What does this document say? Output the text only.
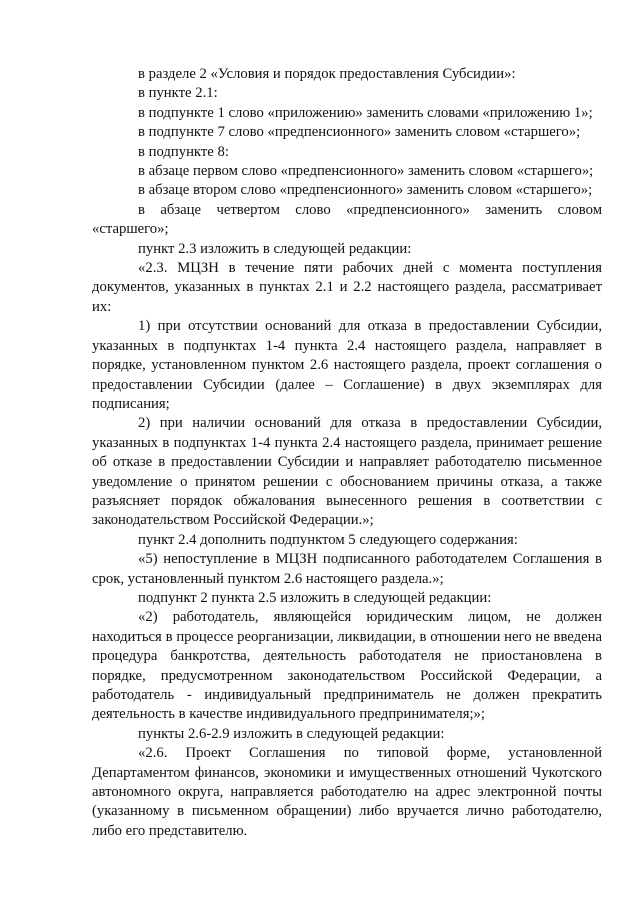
в разделе 2 «Условия и порядок предоставления Субсидии»:

в пункте 2.1:

в подпункте 1 слово «приложению» заменить словами «приложению 1»;

в подпункте 7 слово «предпенсионного» заменить словом «старшего»;

в подпункте 8:

в абзаце первом слово «предпенсионного» заменить словом «старшего»;

в абзаце втором слово «предпенсионного» заменить словом «старшего»;

в абзаце четвертом слово «предпенсионного» заменить словом «старшего»;

пункт 2.3 изложить в следующей редакции:

«2.3. МЦЗН в течение пяти рабочих дней с момента поступления документов, указанных в пунктах 2.1 и 2.2 настоящего раздела, рассматривает их:

1) при отсутствии оснований для отказа в предоставлении Субсидии, указанных в подпунктах 1-4 пункта 2.4 настоящего раздела, направляет в порядке, установленном пунктом 2.6 настоящего раздела, проект соглашения о предоставлении Субсидии (далее – Соглашение) в двух экземплярах для подписания;

2) при наличии оснований для отказа в предоставлении Субсидии, указанных в подпунктах 1-4 пункта 2.4 настоящего раздела, принимает решение об отказе в предоставлении Субсидии и направляет работодателю письменное уведомление о принятом решении с обоснованием причины отказа, а также разъясняет порядок обжалования вынесенного решения в соответствии с законодательством Российской Федерации.»;

пункт 2.4 дополнить подпунктом 5 следующего содержания:

«5) непоступление в МЦЗН подписанного работодателем Соглашения в срок, установленный пунктом 2.6 настоящего раздела.»;

подпункт 2 пункта 2.5 изложить в следующей редакции:

«2) работодатель, являющейся юридическим лицом, не должен находиться в процессе реорганизации, ликвидации, в отношении него не введена процедура банкротства, деятельность работодателя не приостановлена в порядке, предусмотренном законодательством Российской Федерации, а работодатель - индивидуальный предприниматель не должен прекратить деятельность в качестве индивидуального предпринимателя;»;

пункты 2.6-2.9 изложить в следующей редакции:

«2.6. Проект Соглашения по типовой форме, установленной Департаментом финансов, экономики и имущественных отношений Чукотского автономного округа, направляется работодателю на адрес электронной почты (указанному в письменном обращении) либо вручается лично работодателю, либо его представителю.
